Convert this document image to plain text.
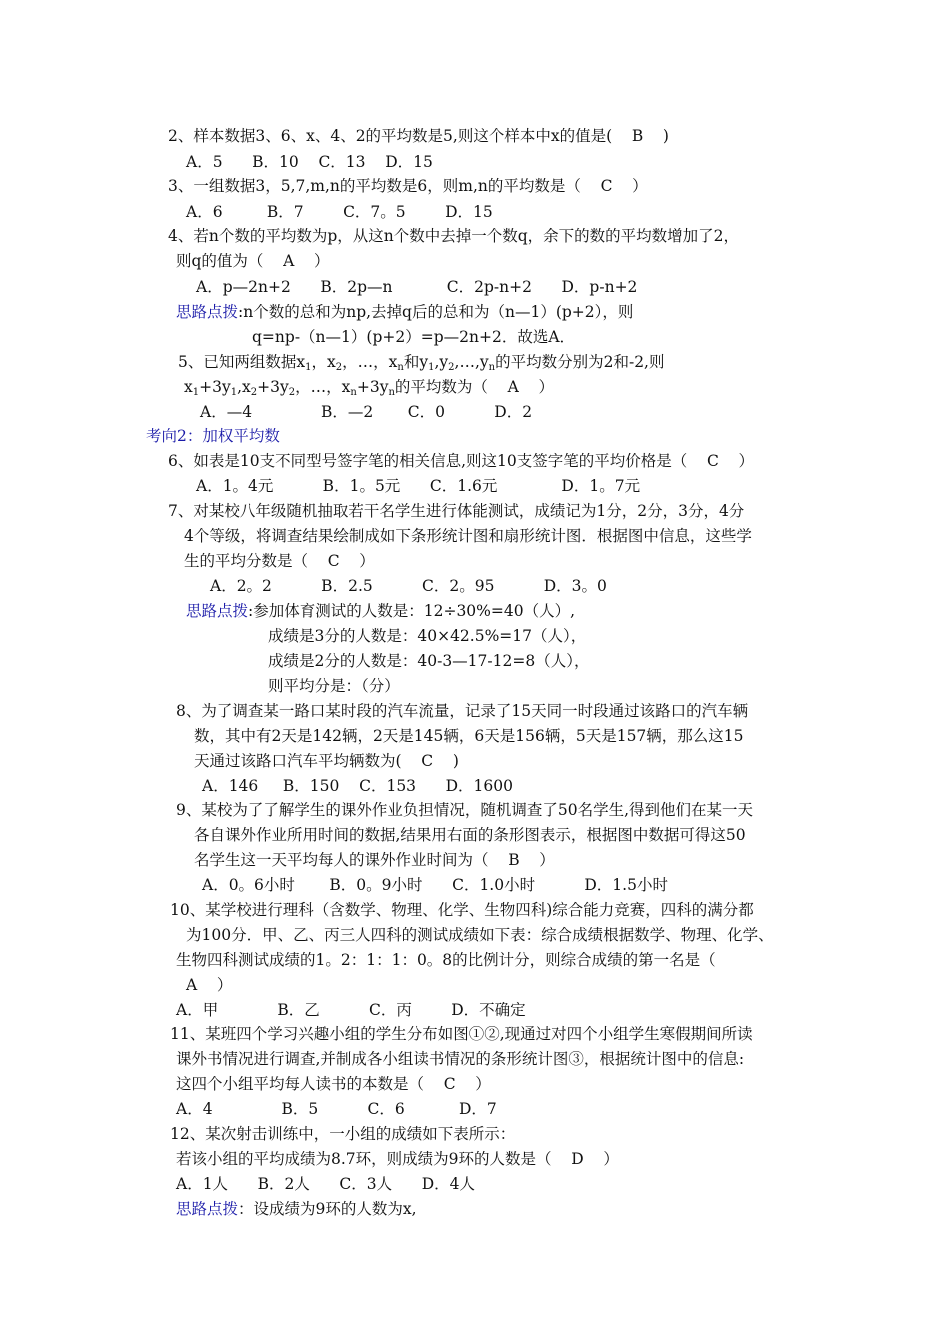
2、样本数据3、6、x、4、2的平均数是5,则这个样本中x的值是(    B    )
A．5      B．10    C．13    D．15
3、一组数据3，5,7,m,n的平均数是6，则m,n的平均数是（    C    ）
A．6         B．7        C．7。5        D．15
4、若n个数的平均数为p，从这n个数中去掉一个数q，余下的数的平均数增加了2，
则q的值为（    A    ）
A．p—2n+2      B．2p—n           C．2p-n+2      D．p-n+2
思路点拨:n个数的总和为np,去掉q后的总和为（n—1）(p+2），则
q=np-（n—1）(p+2）=p—2n+2．故选A．
5、已知两组数据$x_1$，$x_2$，…，$x_n$和$y_1,y_2,\dots,y_n$的平均数分别为2和-2,则
$x_1+3y_1,x_2+3y_2$，…，$x_n+3y_n$的平均数为（    A    ）
A．—4              B．—2       C．0          D．2
考向2：加权平均数
6、如表是10支不同型号签字笔的相关信息,则这10支签字笔的平均价格是（    C    ）
A．1。4元          B．1。5元      C．1.6元             D．1。7元
7、对某校八年级随机抽取若干名学生进行体能测试，成绩记为1分，2分，3分，4分
4个等级，将调查结果绘制成如下条形统计图和扇形统计图．根据图中信息，这些学
生的平均分数是（    C    ）
A．2。2          B．2.5          C．2。95          D．3。0
思路点拨:参加体育测试的人数是：12÷30%=40（人）,
成绩是3分的人数是：40×42.5%=17（人），
成绩是2分的人数是：40-3—17-12=8（人），
则平均分是：（分）
8、为了调查某一路口某时段的汽车流量，记录了15天同一时段通过该路口的汽车辆
数，其中有2天是142辆，2天是145辆，6天是156辆，5天是157辆，那么这15
天通过该路口汽车平均辆数为(    C    )
A．146     B．150    C．153      D．1600
9、某校为了了解学生的课外作业负担情况，随机调查了50名学生,得到他们在某一天
各自课外作业所用时间的数据,结果用右面的条形图表示，根据图中数据可得这50
名学生这一天平均每人的课外作业时间为（    B    ）
A．0。6小时       B．0。9小时      C．1.0小时          D．1.5小时
10、某学校进行理科（含数学、物理、化学、生物四科)综合能力竞赛，四科的满分都
为100分．甲、乙、丙三人四科的测试成绩如下表：综合成绩根据数学、物理、化学、
生物四科测试成绩的1。2：1：1：0。8的比例计分，则综合成绩的第一名是（
A    ）
A．甲            B．乙          C．丙        D．不确定
11、某班四个学习兴趣小组的学生分布如图①②,现通过对四个小组学生寒假期间所读
课外书情况进行调查,并制成各小组读书情况的条形统计图③，根据统计图中的信息:
这四个小组平均每人读书的本数是（    C    ）
A．4              B．5          C．6           D．7
12、某次射击训练中，一小组的成绩如下表所示：
若该小组的平均成绩为8.7环，则成绩为9环的人数是（    D    ）
A．1人      B．2人      C．3人      D．4人
思路点拨：设成绩为9环的人数为x,
